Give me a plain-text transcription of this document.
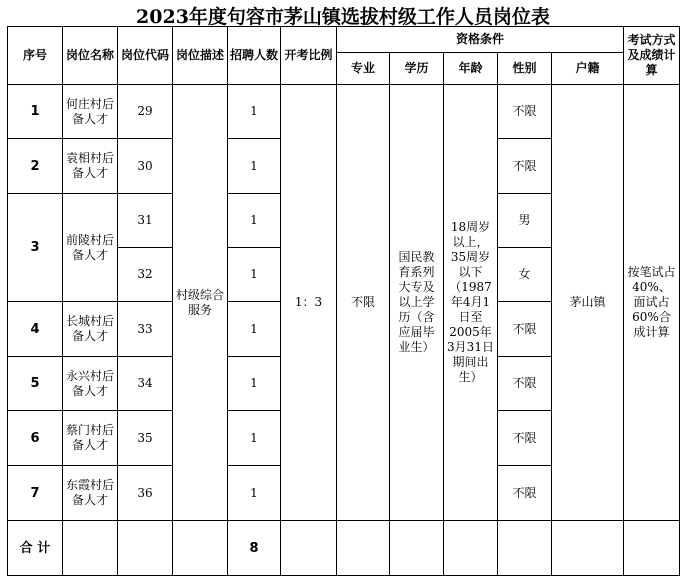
2023年度句容市茅山镇选拔村级工作人员岗位表
序号	岗位名称	岗位代码	岗位描述	招聘人数	开考比例	资格条件					考试方式及成绩计算
						专业	学历	年龄	性别	户籍	
1	何庄村后备人才	29	村级综合服务	1	1：3	不限	国民教育系列大专及以上学历（含应届毕业生）	18周岁以上，35周岁以下（1987年4月1日至2005年3月31日期间出生）	不限	茅山镇	按笔试占40%、面试占60%合成计算
2	袁相村后备人才	30		1					不限		
3	前陵村后备人才	31		1					男		
		32		1					女		
4	长城村后备人才	33		1					不限		
5	永兴村后备人才	34		1					不限		
6	蔡门村后备人才	35		1					不限		
7	东霞村后备人才	36		1					不限		
合 计				8							
